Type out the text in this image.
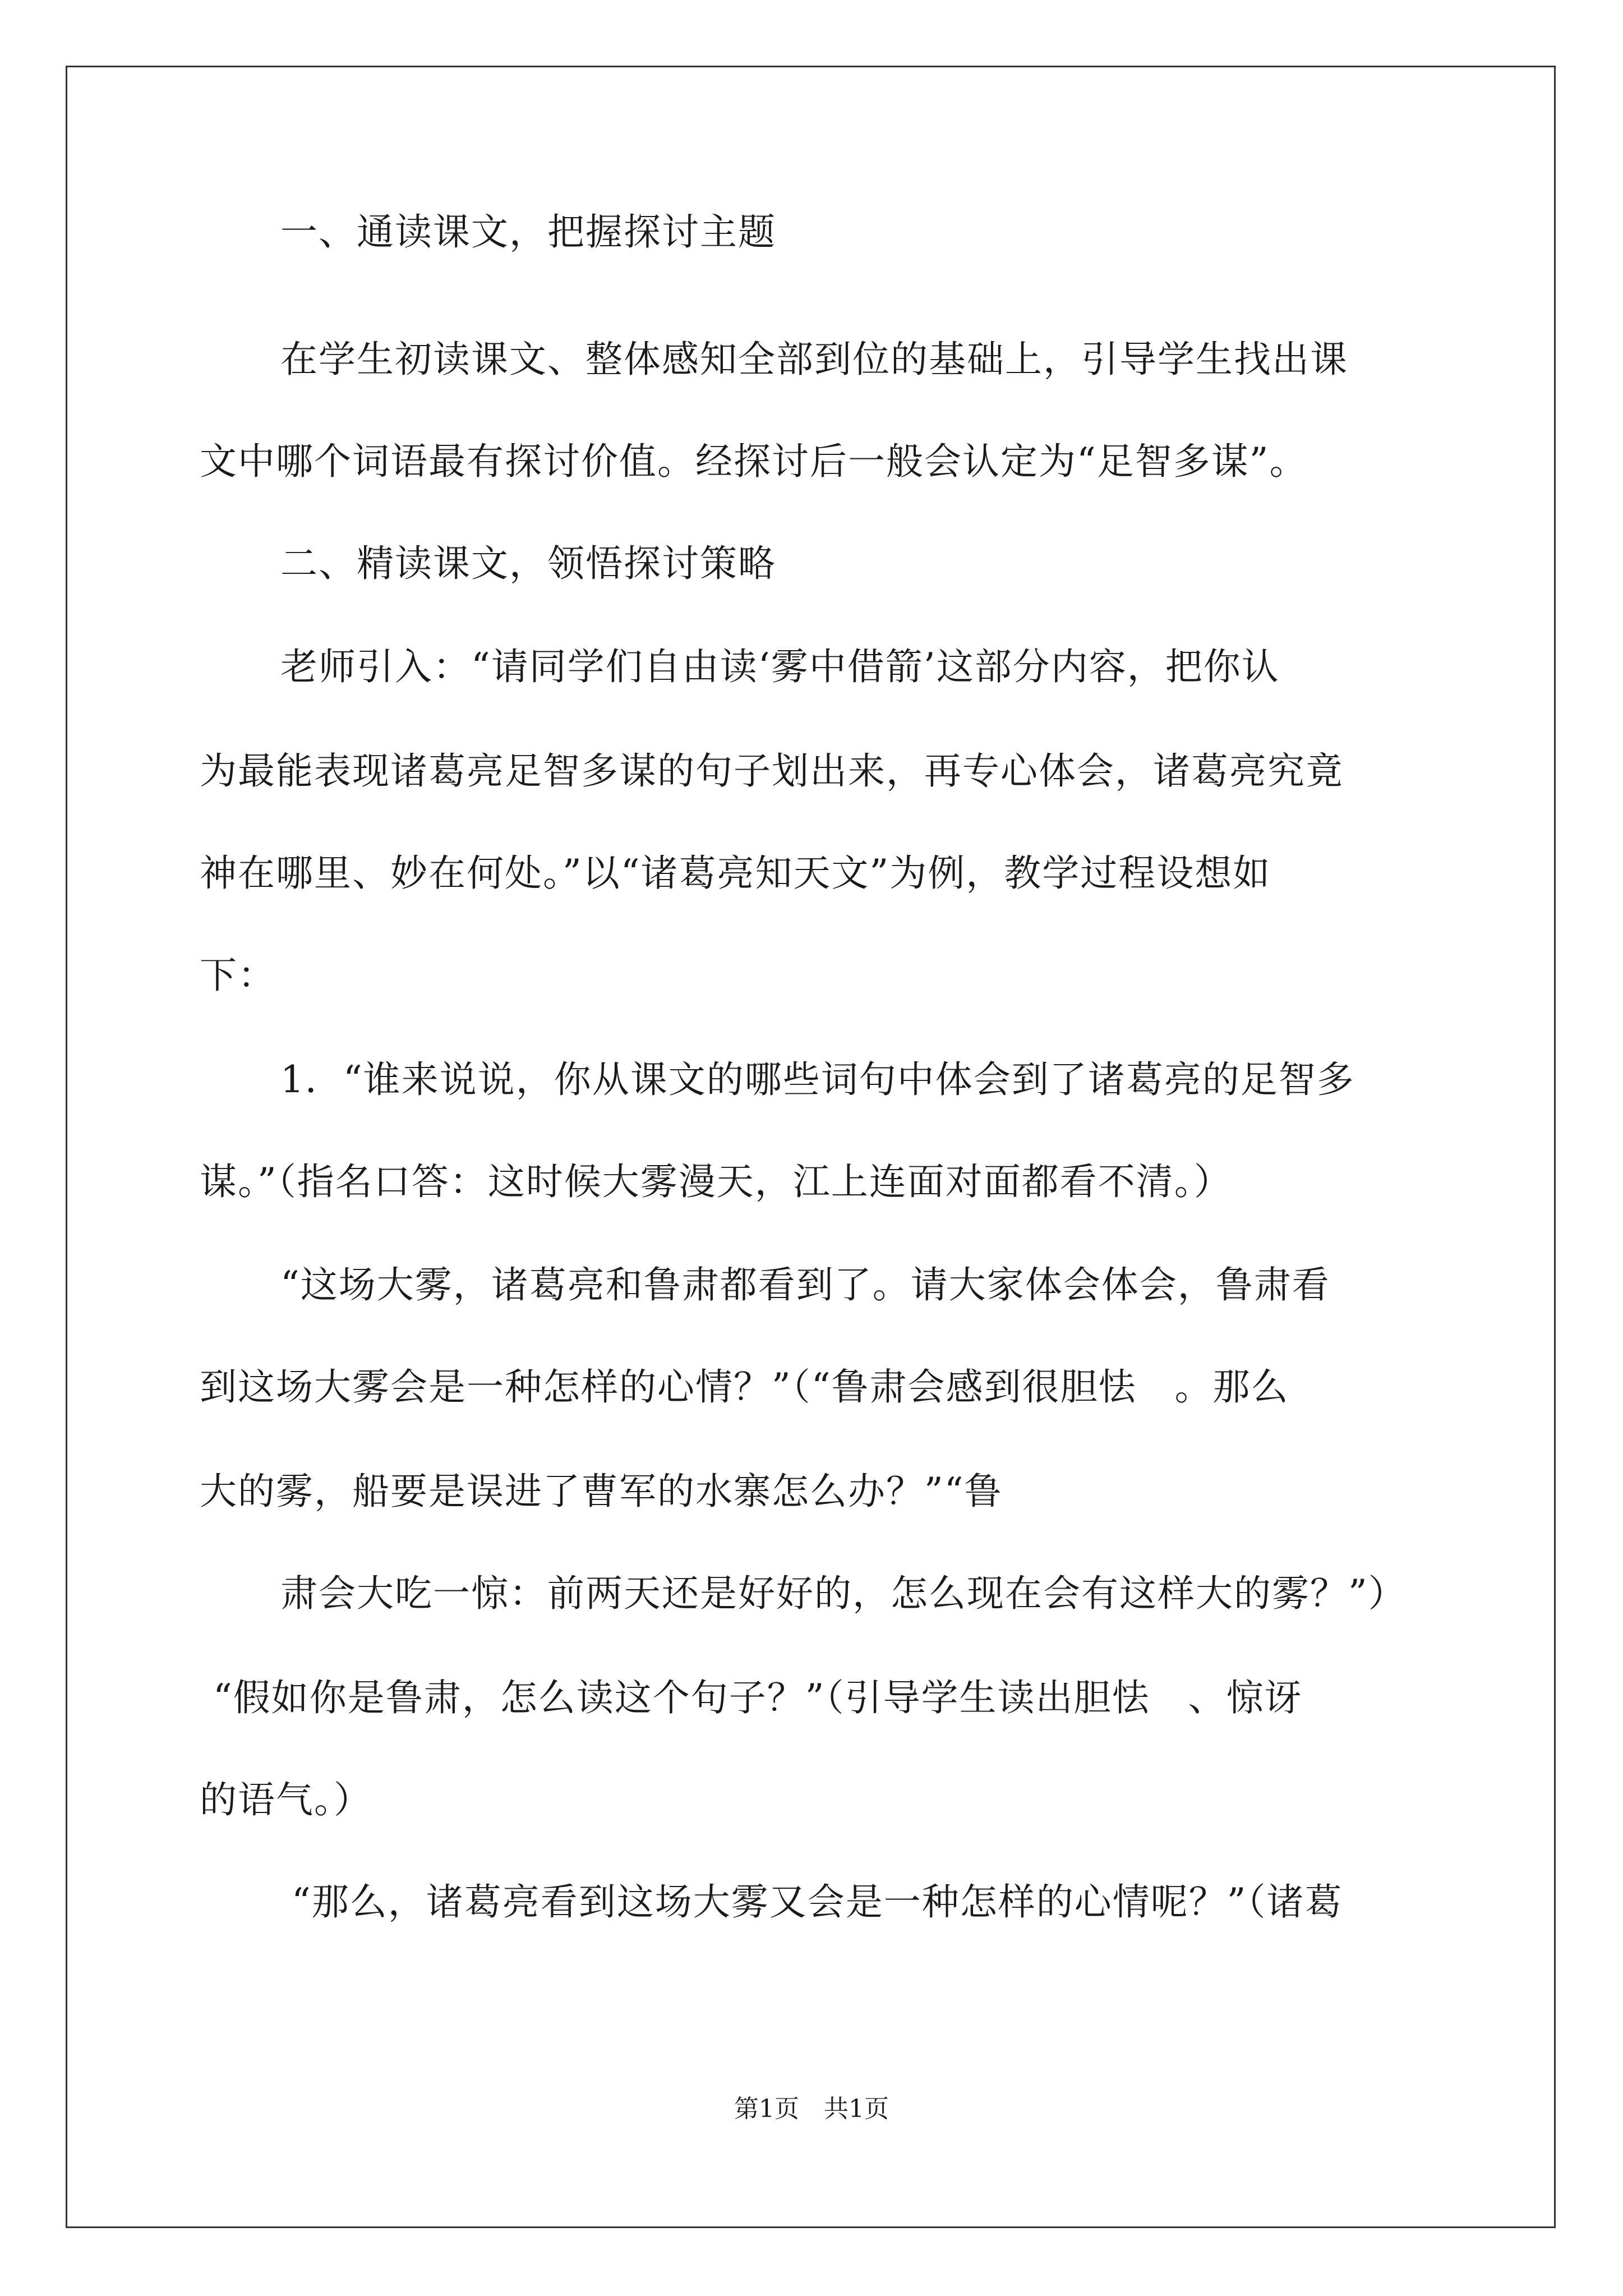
一、通读课文，把握探讨主题
在学生初读课文、整体感知全部到位的基础上，引导学生找出课
文中哪个词语最有探讨价值。经探讨后一般会认定为“足智多谋”。
二、精读课文，领悟探讨策略
老师引入：“请同学们自由读‘雾中借箭’这部分内容，把你认
为最能表现诸葛亮足智多谋的句子划出来，再专心体会，诸葛亮究竟
神在哪里、妙在何处。”以“诸葛亮知天文”为例，教学过程设想如
下：
1．“谁来说说，你从课文的哪些词句中体会到了诸葛亮的足智多
谋。”（指名口答：这时候大雾漫天，江上连面对面都看不清。）
“这场大雾，诸葛亮和鲁肃都看到了。请大家体会体会，鲁肃看
到这场大雾会是一种怎样的心情？”（“鲁肃会感到很胆怯　。那么
大的雾，船要是误进了曹军的水寨怎么办？”“鲁
肃会大吃一惊：前两天还是好好的，怎么现在会有这样大的雾？”）
“假如你是鲁肃，怎么读这个句子？”（引导学生读出胆怯　、惊讶
的语气。）
“那么，诸葛亮看到这场大雾又会是一种怎样的心情呢？”（诸葛
第1页　共1页
